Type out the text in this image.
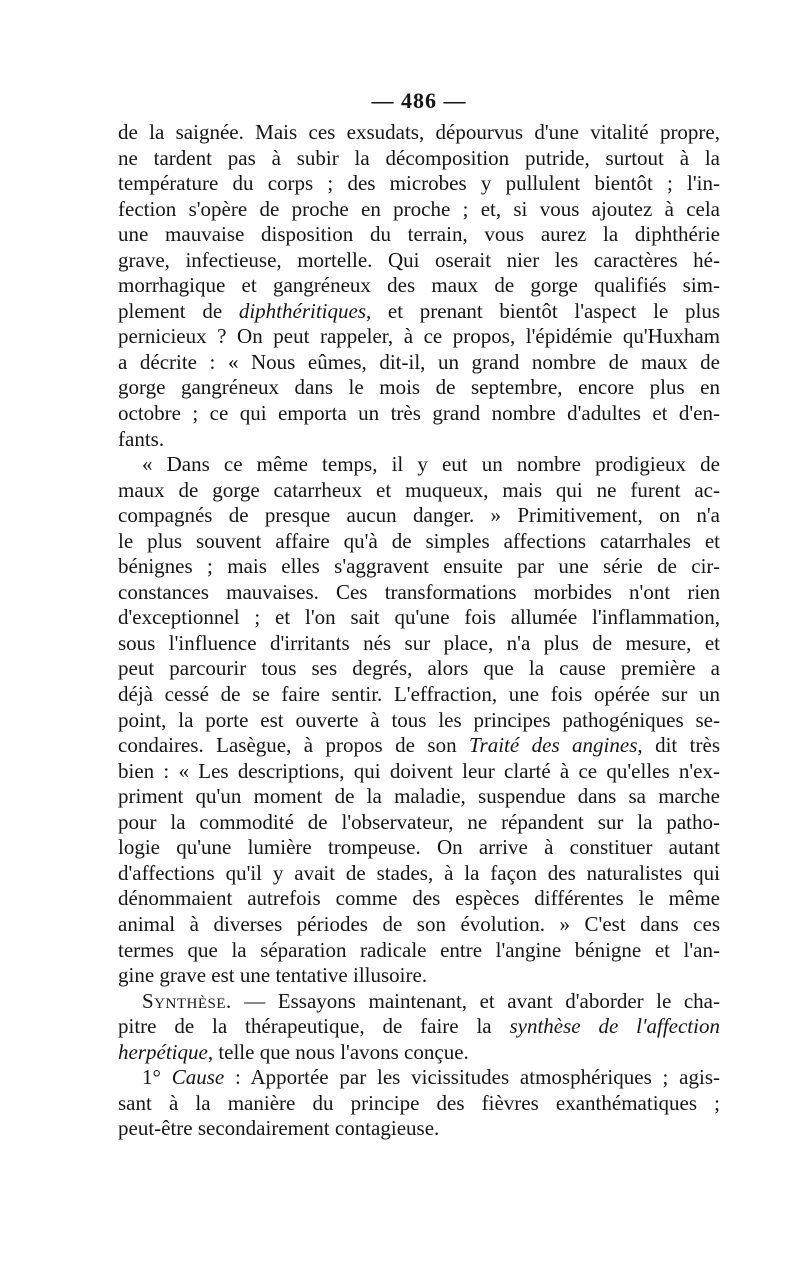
— 486 —
de la saignée. Mais ces exsudats, dépourvus d'une vitalité propre,
ne tardent pas à subir la décomposition putride, surtout à la
température du corps ; des microbes y pullulent bientôt ; l'in-
fection s'opère de proche en proche ; et, si vous ajoutez à cela
une mauvaise disposition du terrain, vous aurez la diphthérie
grave, infectieuse, mortelle. Qui oserait nier les caractères hé-
morrhagique et gangréneux des maux de gorge qualifiés sim-
plement de diphthéritiques, et prenant bientôt l'aspect le plus
pernicieux ? On peut rappeler, à ce propos, l'épidémie qu'Huxham
a décrite : « Nous eûmes, dit-il, un grand nombre de maux de
gorge gangréneux dans le mois de septembre, encore plus en
octobre ; ce qui emporta un très grand nombre d'adultes et d'en-
fants.
« Dans ce même temps, il y eut un nombre prodigieux de
maux de gorge catarrheux et muqueux, mais qui ne furent ac-
compagnés de presque aucun danger. » Primitivement, on n'a
le plus souvent affaire qu'à de simples affections catarrhales et
bénignes ; mais elles s'aggravent ensuite par une série de cir-
constances mauvaises. Ces transformations morbides n'ont rien
d'exceptionnel ; et l'on sait qu'une fois allumée l'inflammation,
sous l'influence d'irritants nés sur place, n'a plus de mesure, et
peut parcourir tous ses degrés, alors que la cause première a
déjà cessé de se faire sentir. L'effraction, une fois opérée sur un
point, la porte est ouverte à tous les principes pathogéniques se-
condaires. Lasègue, à propos de son Traité des angines, dit très
bien : « Les descriptions, qui doivent leur clarté à ce qu'elles n'ex-
priment qu'un moment de la maladie, suspendue dans sa marche
pour la commodité de l'observateur, ne répandent sur la patho-
logie qu'une lumière trompeuse. On arrive à constituer autant
d'affections qu'il y avait de stades, à la façon des naturalistes qui
dénommaient autrefois comme des espèces différentes le même
animal à diverses périodes de son évolution. » C'est dans ces
termes que la séparation radicale entre l'angine bénigne et l'an-
gine grave est une tentative illusoire.
Synthèse. — Essayons maintenant, et avant d'aborder le cha-
pitre de la thérapeutique, de faire la synthèse de l'affection
herpétique, telle que nous l'avons conçue.
1° Cause : Apportée par les vicissitudes atmosphériques ; agis-
sant à la manière du principe des fièvres exanthématiques ;
peut-être secondairement contagieuse.
